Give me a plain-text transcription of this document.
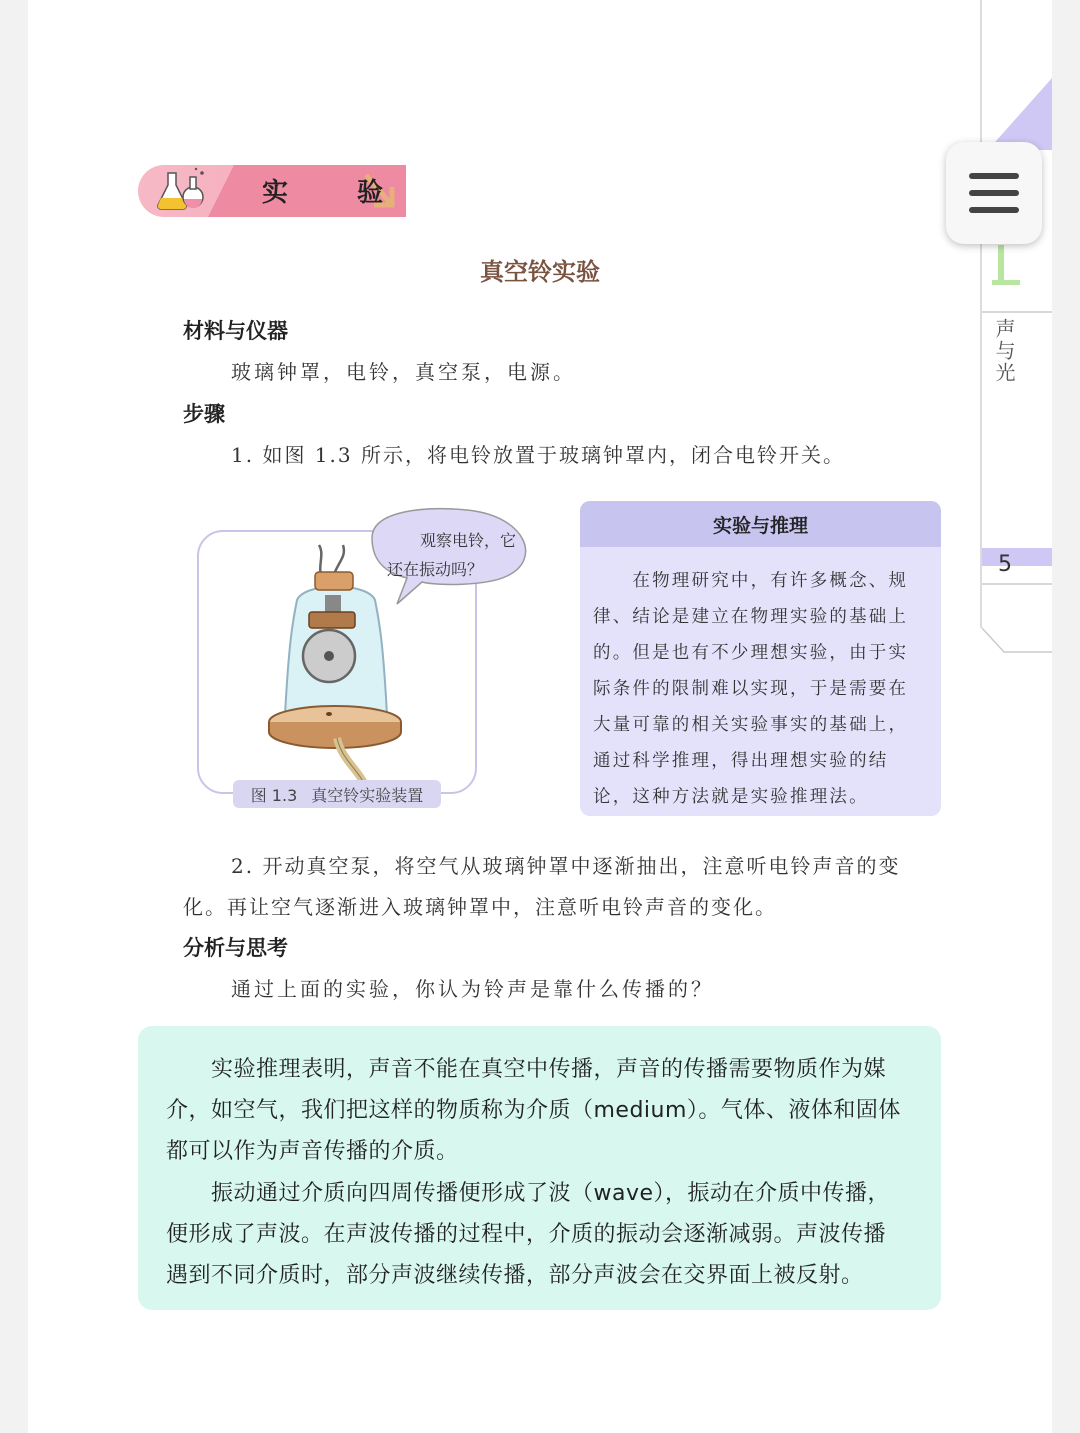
声与光
5
实 验
真空铃实验
材料与仪器
玻璃钟罩，电铃，真空泵，电源。
步骤
1. 如图 1.3 所示，将电铃放置于玻璃钟罩内，闭合电铃开关。
观察电铃，它
还在振动吗？
图 1.3 真空铃实验装置
实验与推理
　　在物理研究中，有许多概念、规
律、结论是建立在物理实验的基础上
的。但是也有不少理想实验，由于实
际条件的限制难以实现，于是需要在
大量可靠的相关实验事实的基础上，
通过科学推理，得出理想实验的结
论，这种方法就是实验推理法。
2. 开动真空泵，将空气从玻璃钟罩中逐渐抽出，注意听电铃声音的变
化。再让空气逐渐进入玻璃钟罩中，注意听电铃声音的变化。
分析与思考
通过上面的实验，你认为铃声是靠什么传播的？
　　实验推理表明，声音不能在真空中传播，声音的传播需要物质作为媒
介，如空气，我们把这样的物质称为介质（medium）。气体、液体和固体
都可以作为声音传播的介质。
　　振动通过介质向四周传播便形成了波（wave），振动在介质中传播，
便形成了声波。在声波传播的过程中，介质的振动会逐渐减弱。声波传播
遇到不同介质时，部分声波继续传播，部分声波会在交界面上被反射。
